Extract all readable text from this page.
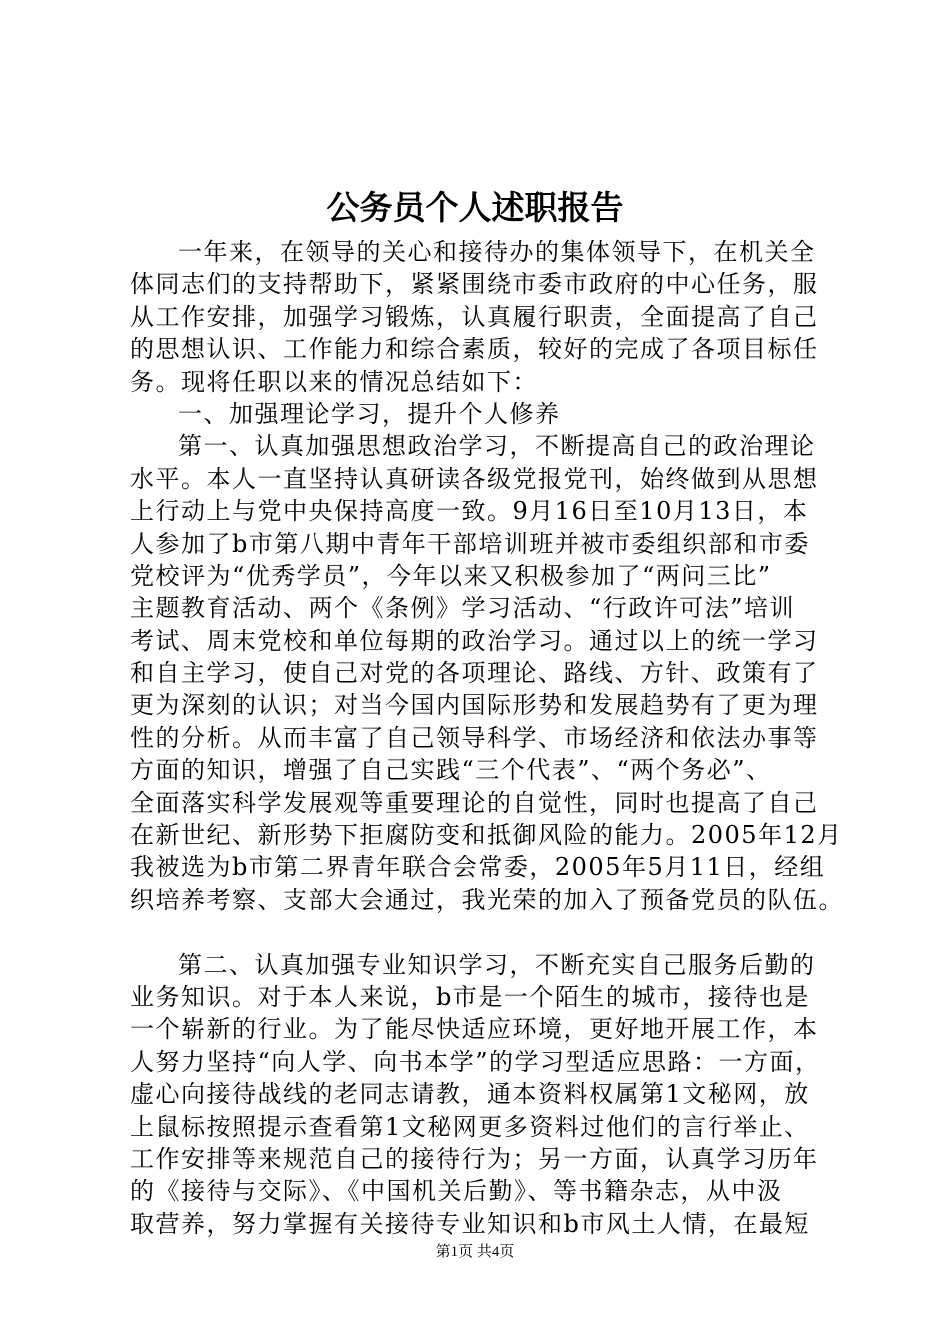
公务员个人述职报告
一年来，在领导的关心和接待办的集体领导下，在机关全
体同志们的支持帮助下，紧紧围绕市委市政府的中心任务，服
从工作安排，加强学习锻炼，认真履行职责，全面提高了自己
的思想认识、工作能力和综合素质，较好的完成了各项目标任
务。现将任职以来的情况总结如下：
一、加强理论学习，提升个人修养
第一、认真加强思想政治学习，不断提高自己的政治理论
水平。本人一直坚持认真研读各级党报党刊，始终做到从思想
上行动上与党中央保持高度一致。9月16日至10月13日，本
人参加了b市第八期中青年干部培训班并被市委组织部和市委
党校评为“优秀学员”，今年以来又积极参加了“两问三比”
主题教育活动、两个《条例》学习活动、“行政许可法”培训
考试、周末党校和单位每期的政治学习。通过以上的统一学习
和自主学习，使自己对党的各项理论、路线、方针、政策有了
更为深刻的认识；对当今国内国际形势和发展趋势有了更为理
性的分析。从而丰富了自己领导科学、市场经济和依法办事等
方面的知识，增强了自己实践“三个代表”、“两个务必”、
全面落实科学发展观等重要理论的自觉性，同时也提高了自己
在新世纪、新形势下拒腐防变和抵御风险的能力。2005年12月
我被选为b市第二界青年联合会常委，2005年5月11日，经组
织培养考察、支部大会通过，我光荣的加入了预备党员的队伍。
第二、认真加强专业知识学习，不断充实自己服务后勤的
业务知识。对于本人来说，b市是一个陌生的城市，接待也是
一个崭新的行业。为了能尽快适应环境，更好地开展工作，本
人努力坚持“向人学、向书本学”的学习型适应思路：一方面，
虚心向接待战线的老同志请教，通本资料权属第1文秘网，放
上鼠标按照提示查看第1文秘网更多资料过他们的言行举止、
工作安排等来规范自己的接待行为；另一方面，认真学习历年
的《接待与交际》、《中国机关后勤》、等书籍杂志，从中汲
取营养，努力掌握有关接待专业知识和b市风土人情，在最短
第1页 共4页
